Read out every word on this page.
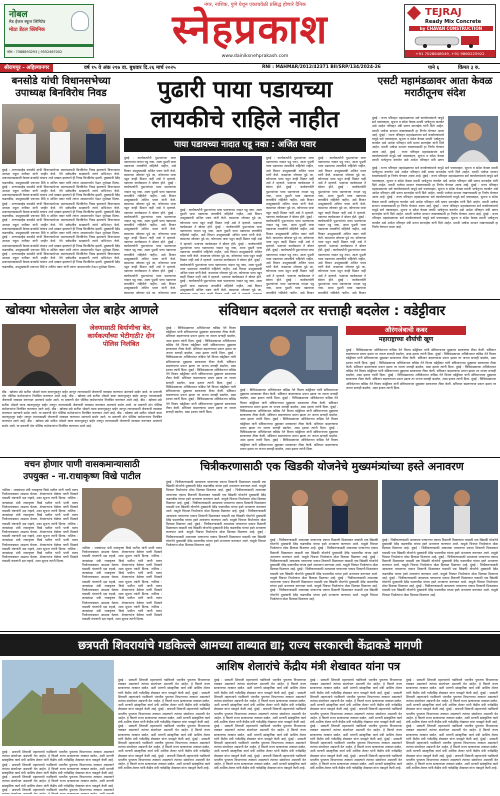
नोबल
मेड ईजल स्कूल लिमिटेड
मोठा डेंटल क्लिनिक
फोन : 7588893293 | 9552467002
नगर, नाशिक, पुणे येथून एकाचवेळी प्रसिद्ध होणारे दैनिक
स्नेहप्रकाश
www.dainiksnehprakash.com
TEJRAJ
Ready Mix Concrete
by CHAVAN CONSTRUCTION
+91 7028648049, +91 9860225922
श्रीरामपूर - अहिल्यानगर	वर्ष १५ वे अंक २१७ वा. बुधवार दि.२६ मार्च २०२५	RNI : MAHMAR/2012/42371 BII/SRP/134/2024-26	पाने ६	किंमत ३ रु.
बनसोडे यांची विधानसभेच्या उपाध्यक्ष बिनविरोध निवड
मुंबई : अण्णासाहेब बनसोडे यांची विधानसभेच्या उपाध्यक्षपदी बिनविरोध निवड झाल्याचे विधानसभा अध्यक्ष राहुल नार्वेकर यांनी जाहीर केले. नेते सर्वपक्षीय सदस्यांनी त्यांचे अभिनंदन केले. उपाध्यक्षपदासाठी केवळ बनसोडे यांचाच अर्ज दाखल झाल्याने ही निवड बिनविरोध झाली. मुख्यमंत्री देवेंद्र फडणवीस, उपमुख्यमंत्री एकनाथ शिंदे व अजित पवार यांनी त्यांना आसनापर्यंत नेऊन शुभेच्छा दिल्या. मुंबई : अण्णासाहेब बनसोडे यांची विधानसभेच्या उपाध्यक्षपदी बिनविरोध निवड झाल्याचे विधानसभा अध्यक्ष राहुल नार्वेकर यांनी जाहीर केले. नेते सर्वपक्षीय सदस्यांनी त्यांचे अभिनंदन केले. उपाध्यक्षपदासाठी केवळ बनसोडे यांचाच अर्ज दाखल झाल्याने ही निवड बिनविरोध झाली. मुख्यमंत्री देवेंद्र फडणवीस, उपमुख्यमंत्री एकनाथ शिंदे व अजित पवार यांनी त्यांना आसनापर्यंत नेऊन शुभेच्छा दिल्या. मुंबई : अण्णासाहेब बनसोडे यांची विधानसभेच्या उपाध्यक्षपदी बिनविरोध निवड झाल्याचे विधानसभा अध्यक्ष राहुल नार्वेकर यांनी जाहीर केले. नेते सर्वपक्षीय सदस्यांनी त्यांचे अभिनंदन केले. उपाध्यक्षपदासाठी केवळ बनसोडे यांचाच अर्ज दाखल झाल्याने ही निवड बिनविरोध झाली. मुख्यमंत्री देवेंद्र फडणवीस, उपमुख्यमंत्री एकनाथ शिंदे व अजित पवार यांनी त्यांना आसनापर्यंत नेऊन शुभेच्छा दिल्या. मुंबई : अण्णासाहेब बनसोडे यांची विधानसभेच्या उपाध्यक्षपदी बिनविरोध निवड झाल्याचे विधानसभा अध्यक्ष राहुल नार्वेकर यांनी जाहीर केले. नेते सर्वपक्षीय सदस्यांनी त्यांचे अभिनंदन केले. उपाध्यक्षपदासाठी केवळ बनसोडे यांचाच अर्ज दाखल झाल्याने ही निवड बिनविरोध झाली. मुख्यमंत्री देवेंद्र फडणवीस, उपमुख्यमंत्री एकनाथ शिंदे व अजित पवार यांनी त्यांना आसनापर्यंत नेऊन शुभेच्छा दिल्या. मुंबई : अण्णासाहेब बनसोडे यांची विधानसभेच्या उपाध्यक्षपदी बिनविरोध निवड झाल्याचे विधानसभा अध्यक्ष राहुल नार्वेकर यांनी जाहीर केले. नेते सर्वपक्षीय सदस्यांनी त्यांचे अभिनंदन केले. उपाध्यक्षपदासाठी केवळ बनसोडे यांचाच अर्ज दाखल झाल्याने ही निवड बिनविरोध झाली. मुख्यमंत्री देवेंद्र फडणवीस, उपमुख्यमंत्री एकनाथ शिंदे व अजित पवार यांनी त्यांना आसनापर्यंत नेऊन शुभेच्छा दिल्या. मुंबई : अण्णासाहेब बनसोडे यांची विधानसभेच्या उपाध्यक्षपदी बिनविरोध निवड झाल्याचे विधानसभा अध्यक्ष राहुल नार्वेकर यांनी जाहीर केले. नेते सर्वपक्षीय सदस्यांनी त्यांचे अभिनंदन केले. उपाध्यक्षपदासाठी केवळ बनसोडे यांचाच अर्ज दाखल झाल्याने ही निवड बिनविरोध झाली. मुख्यमंत्री देवेंद्र फडणवीस, उपमुख्यमंत्री एकनाथ शिंदे व अजित पवार यांनी त्यांना आसनापर्यंत नेऊन शुभेच्छा दिल्या.
पुढारी पाया पडायच्या
लायकीचे राहिले नाहीत
पाया पडायच्या नादात पडू नका : अजित पवार
मुंबई : कार्यकर्त्यांनी पुढाऱ्यांच्या पाया पडण्याच्या नादात पडू नका, आता पुढारी पाया पडायच्या लायकीचे राहिलेले नाहीत, असे विधान उपमुख्यमंत्री अजित पवार यांनी केले. कामाच्या जोरावर पुढे जा, कोणाच्या पाया पडून काही मिळत नाही असे ते म्हणाले. पक्षाच्या कार्यक्रमात ते बोलत होते. मुंबई : कार्यकर्त्यांनी पुढाऱ्यांच्या पाया पडण्याच्या नादात पडू नका, आता पुढारी पाया पडायच्या लायकीचे राहिलेले नाहीत, असे विधान उपमुख्यमंत्री अजित पवार यांनी केले. कामाच्या जोरावर पुढे जा, कोणाच्या पाया पडून काही मिळत नाही असे ते म्हणाले. पक्षाच्या कार्यक्रमात ते बोलत होते. मुंबई : कार्यकर्त्यांनी पुढाऱ्यांच्या पाया पडण्याच्या नादात पडू नका, आता पुढारी पाया पडायच्या लायकीचे राहिलेले नाहीत, असे विधान उपमुख्यमंत्री अजित पवार यांनी केले. कामाच्या जोरावर पुढे जा, कोणाच्या पाया पडून काही मिळत नाही असे ते म्हणाले. पक्षाच्या कार्यक्रमात ते बोलत होते. मुंबई : कार्यकर्त्यांनी पुढाऱ्यांच्या पाया पडण्याच्या नादात पडू नका, आता पुढारी पाया पडायच्या लायकीचे राहिलेले नाहीत, असे विधान उपमुख्यमंत्री अजित पवार यांनी केले. कामाच्या जोरावर पुढे जा, कोणाच्या पाया पडून काही मिळत नाही असे ते म्हणाले. पक्षाच्या कार्यक्रमात ते बोलत होते. मुंबई : कार्यकर्त्यांनी पुढाऱ्यांच्या पाया पडण्याच्या नादात पडू नका, आता पुढारी पाया पडायच्या लायकीचे राहिलेले नाहीत, असे विधान उपमुख्यमंत्री अजित पवार यांनी केले. कामाच्या जोरावर पुढे जा, कोणाच्या पाया
मुंबई : कार्यकर्त्यांनी पुढाऱ्यांच्या पाया पडण्याच्या नादात पडू नका, आता पुढारी पाया पडायच्या लायकीचे राहिलेले नाहीत, असे विधान उपमुख्यमंत्री अजित पवार यांनी केले. कामाच्या जोरावर पुढे जा, कोणाच्या पाया पडून काही मिळत नाही असे ते म्हणाले. पक्षाच्या कार्यक्रमात ते बोलत होते. मुंबई : कार्यकर्त्यांनी पुढाऱ्यांच्या पाया पडण्याच्या नादात पडू नका, आता पुढारी पाया पडायच्या लायकीचे राहिलेले नाहीत, असे विधान उपमुख्यमंत्री अजित पवार यांनी केले. कामाच्या जोरावर पुढे जा, कोणाच्या पाया पडून काही मिळत नाही असे ते म्हणाले. पक्षाच्या कार्यक्रमात ते बोलत होते. मुंबई : कार्यकर्त्यांनी पुढाऱ्यांच्या पाया पडण्याच्या नादात पडू नका, आता पुढारी पाया पडायच्या लायकीचे राहिलेले नाहीत, असे विधान उपमुख्यमंत्री अजित पवार यांनी केले. कामाच्या जोरावर पुढे जा, कोणाच्या पाया पडून काही मिळत नाही असे ते म्हणाले. पक्षाच्या कार्यक्रमात ते बोलत होते. मुंबई : कार्यकर्त्यांनी पुढाऱ्यांच्या पाया पडण्याच्या नादात पडू नका, आता पुढारी पाया पडायच्या लायकीचे राहिलेले नाहीत, असे विधान उपमुख्यमंत्री अजित पवार यांनी केले. कामाच्या जोरावर पुढे जा, कोणाच्या पाया पडून काही मिळत नाही असे ते म्हणाले. पक्षाच्या कार्यक्रमात ते बोलत होते. मुंबई : कार्यकर्त्यांनी पुढाऱ्यांच्या पाया पडण्याच्या नादात पडू नका, आता पुढारी पाया पडायच्या लायकीचे राहिलेले नाहीत, असे विधान उपमुख्यमंत्री अजित पवार यांनी केले. कामाच्या जोरावर पुढे जा,
मुंबई : कार्यकर्त्यांनी पुढाऱ्यांच्या पाया पडण्याच्या नादात पडू नका, आता पुढारी पाया पडायच्या लायकीचे राहिलेले नाहीत, असे विधान उपमुख्यमंत्री अजित पवार यांनी केले. कामाच्या जोरावर पुढे जा, कोणाच्या पाया पडून काही मिळत नाही असे ते म्हणाले. पक्षाच्या कार्यक्रमात ते बोलत होते. मुंबई : कार्यकर्त्यांनी पुढाऱ्यांच्या पाया पडण्याच्या नादात पडू नका, आता पुढारी पाया पडायच्या लायकीचे राहिलेले नाहीत, असे विधान उपमुख्यमंत्री अजित पवार यांनी केले. कामाच्या जोरावर पुढे जा, कोणाच्या पाया पडून काही मिळत नाही असे ते म्हणाले. पक्षाच्या कार्यक्रमात ते बोलत होते. मुंबई : कार्यकर्त्यांनी पुढाऱ्यांच्या पाया पडण्याच्या नादात पडू नका, आता पुढारी पाया पडायच्या लायकीचे राहिलेले नाहीत, असे विधान उपमुख्यमंत्री अजित पवार यांनी केले. कामाच्या जोरावर पुढे जा, कोणाच्या पाया पडून काही मिळत नाही असे ते म्हणाले. पक्षाच्या कार्यक्रमात ते बोलत होते. मुंबई : कार्यकर्त्यांनी पुढाऱ्यांच्या पाया पडण्याच्या नादात पडू नका, आता पुढारी पाया पडायच्या लायकीचे राहिलेले नाहीत, असे विधान उपमुख्यमंत्री अजित पवार यांनी केले. कामाच्या जोरावर पुढे जा, कोणाच्या पाया पडून काही मिळत नाही असे ते म्हणाले. पक्षाच्या कार्यक्रमात ते बोलत होते. मुंबई : कार्यकर्त्यांनी पुढाऱ्यांच्या पाया पडण्याच्या नादात पडू नका, आता पुढारी पाया पडायच्या लायकीचे राहिलेले नाहीत, असे विधान
मुंबई : कार्यकर्त्यांनी पुढाऱ्यांच्या पाया पडण्याच्या नादात पडू नका, आता पुढारी पाया पडायच्या लायकीचे राहिलेले नाहीत, असे विधान उपमुख्यमंत्री अजित पवार यांनी केले. कामाच्या जोरावर पुढे जा, कोणाच्या पाया पडून काही मिळत नाही असे ते म्हणाले. पक्षाच्या कार्यक्रमात ते बोलत होते. मुंबई : कार्यकर्त्यांनी पुढाऱ्यांच्या पाया पडण्याच्या नादात पडू नका, आता पुढारी पाया पडायच्या लायकीचे राहिलेले नाहीत, असे विधान उपमुख्यमंत्री अजित पवार यांनी केले. कामाच्या जोरावर पुढे जा, कोणाच्या पाया पडून काही मिळत नाही असे ते म्हणाले. पक्षाच्या कार्यक्रमात ते बोलत होते. मुंबई : कार्यकर्त्यांनी पुढाऱ्यांच्या पाया पडण्याच्या नादात पडू नका, आता पुढारी पाया पडायच्या लायकीचे राहिलेले नाहीत, असे विधान उपमुख्यमंत्री अजित पवार यांनी केले. कामाच्या जोरावर पुढे जा, कोणाच्या पाया पडून काही मिळत नाही असे ते म्हणाले. पक्षाच्या कार्यक्रमात ते बोलत होते. मुंबई : कार्यकर्त्यांनी पुढाऱ्यांच्या पाया पडण्याच्या नादात पडू नका, आता पुढारी पाया पडायच्या लायकीचे राहिलेले नाहीत, असे विधान उपमुख्यमंत्री अजित पवार यांनी केले. कामाच्या जोरावर पुढे जा, कोणाच्या पाया पडून काही मिळत नाही असे ते म्हणाले. पक्षाच्या कार्यक्रमात ते बोलत होते. मुंबई : कार्यकर्त्यांनी पुढाऱ्यांच्या पाया पडण्याच्या नादात पडू नका, आता पुढारी पाया पडायच्या लायकीचे राहिलेले नाहीत, असे विधान
एसटी महामंडळावर आता केवळ मराठीतूनच संदेश
मुंबई : राज्य परिवहन महामंडळाच्या सर्व कार्यालयांमध्ये यापुढे सर्व पत्रव्यवहार, सूचना व संदेश केवळ मराठी भाषेतूनच करावेत असे आदेश परिवहन मंत्री प्रताप सरनाईक यांनी दिले आहेत. मराठी भाषेचा सन्मान राखण्यासाठी हा निर्णय घेण्यात आला आहे. मुंबई : राज्य परिवहन महामंडळाच्या सर्व कार्यालयांमध्ये यापुढे सर्व पत्रव्यवहार, सूचना व संदेश केवळ मराठी भाषेतूनच करावेत असे आदेश परिवहन मंत्री प्रताप सरनाईक यांनी दिले आहेत. मराठी भाषेचा सन्मान राखण्यासाठी हा निर्णय घेण्यात आला आहे. मुंबई : राज्य परिवहन महामंडळाच्या सर्व कार्यालयांमध्ये यापुढे सर्व पत्रव्यवहार, सूचना व संदेश केवळ मराठी भाषेतूनच करावेत असे आदेश परिवहन मंत्री प्रताप
मुंबई : राज्य परिवहन महामंडळाच्या सर्व कार्यालयांमध्ये यापुढे सर्व पत्रव्यवहार, सूचना व संदेश केवळ मराठी भाषेतूनच करावेत असे आदेश परिवहन मंत्री प्रताप सरनाईक यांनी दिले आहेत. मराठी भाषेचा सन्मान राखण्यासाठी हा निर्णय घेण्यात आला आहे. मुंबई : राज्य परिवहन महामंडळाच्या सर्व कार्यालयांमध्ये यापुढे सर्व पत्रव्यवहार, सूचना व संदेश केवळ मराठी भाषेतूनच करावेत असे आदेश परिवहन मंत्री प्रताप सरनाईक यांनी दिले आहेत. मराठी भाषेचा सन्मान राखण्यासाठी हा निर्णय घेण्यात आला आहे. मुंबई : राज्य परिवहन महामंडळाच्या सर्व कार्यालयांमध्ये यापुढे सर्व पत्रव्यवहार, सूचना व संदेश केवळ मराठी भाषेतूनच करावेत असे आदेश परिवहन मंत्री प्रताप सरनाईक यांनी दिले आहेत. मराठी भाषेचा सन्मान राखण्यासाठी हा निर्णय घेण्यात आला आहे. मुंबई : राज्य परिवहन महामंडळाच्या सर्व कार्यालयांमध्ये यापुढे सर्व पत्रव्यवहार, सूचना व संदेश केवळ मराठी भाषेतूनच करावेत असे आदेश परिवहन मंत्री प्रताप सरनाईक यांनी दिले आहेत. मराठी भाषेचा सन्मान राखण्यासाठी हा निर्णय घेण्यात आला आहे. मुंबई : राज्य परिवहन महामंडळाच्या सर्व कार्यालयांमध्ये यापुढे सर्व पत्रव्यवहार, सूचना व संदेश केवळ मराठी भाषेतूनच करावेत असे आदेश परिवहन मंत्री प्रताप सरनाईक यांनी दिले आहेत. मराठी भाषेचा सन्मान राखण्यासाठी हा निर्णय घेण्यात आला आहे. मुंबई : राज्य परिवहन महामंडळाच्या सर्व कार्यालयांमध्ये यापुढे सर्व पत्रव्यवहार, सूचना व संदेश केवळ मराठी भाषेतूनच करावेत असे आदेश परिवहन मंत्री प्रताप सरनाईक यांनी दिले आहेत. मराठी भाषेचा सन्मान राखण्यासाठी हा निर्णय घेण्यात आला आहे.
खोक्या भोसलेला जेल बाहेर आणले
जेवणासाठी बिर्याणीचा बेत, कार्यकर्त्यांच्या भेटीगाठी? दोन पोलिस निलंबित
बीड : खोक्या उर्फ सतीश भोसले याला कारागृहातून बाहेर आणून त्याच्यासाठी जेवणाची व्यवस्था करण्यात आल्याचे समोर आले. या प्रकरणी दोन पोलिस कर्मचाऱ्यांना निलंबित करण्यात आले आहे. बीड : खोक्या उर्फ सतीश भोसले याला कारागृहातून बाहेर आणून त्याच्यासाठी जेवणाची व्यवस्था करण्यात आल्याचे समोर आले. या प्रकरणी दोन पोलिस कर्मचाऱ्यांना निलंबित करण्यात आले आहे. बीड : खोक्या उर्फ सतीश भोसले याला कारागृहातून बाहेर आणून त्याच्यासाठी जेवणाची व्यवस्था करण्यात आल्याचे समोर आले. या प्रकरणी दोन पोलिस कर्मचाऱ्यांना निलंबित करण्यात आले आहे. बीड : खोक्या उर्फ सतीश भोसले याला कारागृहातून बाहेर आणून त्याच्यासाठी जेवणाची व्यवस्था करण्यात आल्याचे समोर आले. या प्रकरणी दोन पोलिस कर्मचाऱ्यांना निलंबित करण्यात आले आहे. बीड : खोक्या उर्फ सतीश भोसले याला कारागृहातून बाहेर आणून त्याच्यासाठी जेवणाची व्यवस्था करण्यात आल्याचे समोर आले. या प्रकरणी दोन पोलिस कर्मचाऱ्यांना निलंबित करण्यात आले आहे. बीड : खोक्या उर्फ सतीश भोसले याला कारागृहातून बाहेर आणून त्याच्यासाठी जेवणाची व्यवस्था करण्यात आल्याचे समोर आले. या प्रकरणी दोन पोलिस कर्मचाऱ्यांना निलंबित करण्यात आले आहे.
संविधान बदलले तर सत्ताही बदलेल : वडेट्टीवार
मुंबई : विधिमंडळाच्या अधिवेशनात काँग्रेस नेते विजय वडेट्टीवार यांनी संविधानाच्या मुद्द्यावर सरकारवर टीका केली. संविधान बदलण्याचा प्रयत्न झाला तर जनता सत्ताही बदलेल, असा इशारा त्यांनी दिला. मुंबई : विधिमंडळाच्या अधिवेशनात काँग्रेस नेते विजय वडेट्टीवार यांनी संविधानाच्या मुद्द्यावर सरकारवर टीका केली. संविधान बदलण्याचा प्रयत्न झाला तर जनता सत्ताही बदलेल, असा इशारा त्यांनी दिला. मुंबई : विधिमंडळाच्या अधिवेशनात काँग्रेस नेते विजय वडेट्टीवार यांनी संविधानाच्या मुद्द्यावर सरकारवर टीका केली. संविधान बदलण्याचा प्रयत्न झाला तर जनता सत्ताही बदलेल, असा इशारा त्यांनी दिला. मुंबई : विधिमंडळाच्या अधिवेशनात काँग्रेस नेते विजय वडेट्टीवार यांनी संविधानाच्या मुद्द्यावर सरकारवर टीका केली. संविधान बदलण्याचा प्रयत्न झाला तर जनता सत्ताही बदलेल, असा इशारा त्यांनी दिला. मुंबई : विधिमंडळाच्या अधिवेशनात काँग्रेस नेते विजय वडेट्टीवार यांनी संविधानाच्या मुद्द्यावर सरकारवर टीका केली. संविधान बदलण्याचा प्रयत्न झाला तर जनता सत्ताही बदलेल, असा इशारा त्यांनी दिला. मुंबई : विधिमंडळाच्या अधिवेशनात काँग्रेस नेते विजय वडेट्टीवार यांनी संविधानाच्या मुद्द्यावर सरकारवर टीका केली. संविधान बदलण्याचा प्रयत्न झाला तर जनता सत्ताही बदलेल, असा इशारा त्यांनी दिला.
मुंबई : विधिमंडळाच्या अधिवेशनात काँग्रेस नेते विजय वडेट्टीवार यांनी संविधानाच्या मुद्द्यावर सरकारवर टीका केली. संविधान बदलण्याचा प्रयत्न झाला तर जनता सत्ताही बदलेल, असा इशारा त्यांनी दिला. मुंबई : विधिमंडळाच्या अधिवेशनात काँग्रेस नेते विजय वडेट्टीवार यांनी संविधानाच्या मुद्द्यावर सरकारवर टीका केली. संविधान बदलण्याचा प्रयत्न झाला तर जनता सत्ताही बदलेल, असा इशारा त्यांनी दिला. मुंबई : विधिमंडळाच्या अधिवेशनात काँग्रेस नेते विजय वडेट्टीवार यांनी संविधानाच्या मुद्द्यावर सरकारवर टीका केली. संविधान बदलण्याचा प्रयत्न झाला तर जनता सत्ताही बदलेल, असा इशारा त्यांनी दिला. मुंबई : विधिमंडळाच्या अधिवेशनात काँग्रेस नेते विजय वडेट्टीवार यांनी संविधानाच्या मुद्द्यावर सरकारवर टीका केली. संविधान बदलण्याचा प्रयत्न झाला तर जनता सत्ताही बदलेल, असा इशारा त्यांनी दिला. मुंबई : विधिमंडळाच्या अधिवेशनात काँग्रेस नेते विजय वडेट्टीवार यांनी संविधानाच्या मुद्द्यावर सरकारवर टीका केली. संविधान बदलण्याचा प्रयत्न झाला तर जनता सत्ताही बदलेल, असा इशारा त्यांनी दिला. मुंबई : विधिमंडळाच्या अधिवेशनात काँग्रेस नेते विजय वडेट्टीवार यांनी संविधानाच्या मुद्द्यावर सरकारवर टीका केली. संविधान बदलण्याचा प्रयत्न झाला तर जनता सत्ताही बदलेल, असा इशारा त्यांनी दिला.
औरंगजेबाची कबर
महाराष्ट्राच्या शौर्याची खूण
मुंबई : विधिमंडळाच्या अधिवेशनात काँग्रेस नेते विजय वडेट्टीवार यांनी संविधानाच्या मुद्द्यावर सरकारवर टीका केली. संविधान बदलण्याचा प्रयत्न झाला तर जनता सत्ताही बदलेल, असा इशारा त्यांनी दिला. मुंबई : विधिमंडळाच्या अधिवेशनात काँग्रेस नेते विजय वडेट्टीवार यांनी संविधानाच्या मुद्द्यावर सरकारवर टीका केली. संविधान बदलण्याचा प्रयत्न झाला तर जनता सत्ताही बदलेल, असा इशारा त्यांनी दिला. मुंबई : विधिमंडळाच्या अधिवेशनात काँग्रेस नेते विजय वडेट्टीवार यांनी संविधानाच्या मुद्द्यावर सरकारवर टीका केली. संविधान बदलण्याचा प्रयत्न झाला तर जनता सत्ताही बदलेल, असा इशारा त्यांनी दिला. मुंबई : विधिमंडळाच्या अधिवेशनात काँग्रेस नेते विजय वडेट्टीवार यांनी संविधानाच्या मुद्द्यावर सरकारवर टीका केली. संविधान बदलण्याचा प्रयत्न झाला तर जनता सत्ताही बदलेल, असा इशारा त्यांनी दिला. मुंबई : विधिमंडळाच्या अधिवेशनात काँग्रेस नेते विजय वडेट्टीवार यांनी संविधानाच्या मुद्द्यावर सरकारवर टीका केली. संविधान बदलण्याचा प्रयत्न झाला तर जनता सत्ताही बदलेल, असा इशारा त्यांनी दिला. मुंबई : विधिमंडळाच्या अधिवेशनात काँग्रेस नेते विजय वडेट्टीवार यांनी संविधानाच्या मुद्द्यावर सरकारवर टीका केली. संविधान बदलण्याचा प्रयत्न झाला तर जनता सत्ताही बदलेल, असा इशारा त्यांनी दिला.
वचन होणार पाणी वासकमान्यासाठी
उपयुक्त - ना.राधाकृष्ण विखे पाटील
नाशिक : जलसंपदा मंत्री राधाकृष्ण विखे पाटील यांनी पाणी वाटप नियोजनाबाबत आढावा घेतला. शेतकऱ्यांना वेळेवर पाणी मिळावे यासाठी यंत्रणांनी दक्ष राहावे, अशा सूचना त्यांनी दिल्या. नाशिक : जलसंपदा मंत्री राधाकृष्ण विखे पाटील यांनी पाणी वाटप नियोजनाबाबत आढावा घेतला. शेतकऱ्यांना वेळेवर पाणी मिळावे यासाठी यंत्रणांनी दक्ष राहावे, अशा सूचना त्यांनी दिल्या. नाशिक : जलसंपदा मंत्री राधाकृष्ण विखे पाटील यांनी पाणी वाटप नियोजनाबाबत आढावा घेतला. शेतकऱ्यांना वेळेवर पाणी मिळावे यासाठी यंत्रणांनी दक्ष राहावे, अशा सूचना त्यांनी दिल्या. नाशिक : जलसंपदा मंत्री राधाकृष्ण विखे पाटील यांनी पाणी वाटप नियोजनाबाबत आढावा घेतला. शेतकऱ्यांना वेळेवर पाणी मिळावे यासाठी यंत्रणांनी दक्ष राहावे, अशा सूचना त्यांनी दिल्या. नाशिक : जलसंपदा मंत्री राधाकृष्ण विखे पाटील यांनी पाणी वाटप नियोजनाबाबत आढावा घेतला. शेतकऱ्यांना वेळेवर पाणी मिळावे यासाठी यंत्रणांनी दक्ष राहावे, अशा सूचना त्यांनी दिल्या. नाशिक : जलसंपदा मंत्री राधाकृष्ण विखे पाटील यांनी पाणी वाटप नियोजनाबाबत आढावा घेतला. शेतकऱ्यांना वेळेवर पाणी मिळावे यासाठी यंत्रणांनी दक्ष राहावे, अशा सूचना त्यांनी दिल्या.
नाशिक : जलसंपदा मंत्री राधाकृष्ण विखे पाटील यांनी पाणी वाटप नियोजनाबाबत आढावा घेतला. शेतकऱ्यांना वेळेवर पाणी मिळावे यासाठी यंत्रणांनी दक्ष राहावे, अशा सूचना त्यांनी दिल्या. नाशिक : जलसंपदा मंत्री राधाकृष्ण विखे पाटील यांनी पाणी वाटप नियोजनाबाबत आढावा घेतला. शेतकऱ्यांना वेळेवर पाणी मिळावे यासाठी यंत्रणांनी दक्ष राहावे, अशा सूचना त्यांनी दिल्या. नाशिक : जलसंपदा मंत्री राधाकृष्ण विखे पाटील यांनी पाणी वाटप नियोजनाबाबत आढावा घेतला. शेतकऱ्यांना वेळेवर पाणी मिळावे यासाठी यंत्रणांनी दक्ष राहावे, अशा सूचना त्यांनी दिल्या. नाशिक : जलसंपदा मंत्री राधाकृष्ण विखे पाटील यांनी पाणी वाटप नियोजनाबाबत आढावा घेतला. शेतकऱ्यांना वेळेवर पाणी मिळावे यासाठी यंत्रणांनी दक्ष राहावे, अशा सूचना त्यांनी दिल्या. नाशिक : जलसंपदा मंत्री राधाकृष्ण विखे पाटील यांनी पाणी वाटप नियोजनाबाबत आढावा घेतला. शेतकऱ्यांना वेळेवर पाणी मिळावे यासाठी यंत्रणांनी दक्ष राहावे, अशा सूचना त्यांनी दिल्या. नाशिक : जलसंपदा मंत्री राधाकृष्ण विखे पाटील यांनी पाणी वाटप नियोजनाबाबत आढावा घेतला. शेतकऱ्यांना वेळेवर पाणी मिळावे यासाठी यंत्रणांनी दक्ष राहावे, अशा सूचना त्यांनी दिल्या.
चित्रीकरणासाठी एक खिडकी योजनेचे मुख्यमंत्र्यांच्या हस्ते अनावरण
मुंबई : चित्रीकरणासाठी आवश्यक परवानग्या एकाच ठिकाणी मिळाव्यात यासाठी एक खिडकी योजनेचे मुख्यमंत्री देवेंद्र फडणवीस यांच्या हस्ते अनावरण करण्यात आले. यामुळे चित्रपट निर्मात्यांना मोठा दिलासा मिळणार आहे. मुंबई : चित्रीकरणासाठी आवश्यक परवानग्या एकाच ठिकाणी मिळाव्यात यासाठी एक खिडकी योजनेचे मुख्यमंत्री देवेंद्र फडणवीस यांच्या हस्ते अनावरण करण्यात आले. यामुळे चित्रपट निर्मात्यांना मोठा दिलासा मिळणार आहे. मुंबई : चित्रीकरणासाठी आवश्यक परवानग्या एकाच ठिकाणी मिळाव्यात यासाठी एक खिडकी योजनेचे मुख्यमंत्री देवेंद्र फडणवीस यांच्या हस्ते अनावरण करण्यात आले. यामुळे चित्रपट निर्मात्यांना मोठा दिलासा मिळणार आहे. मुंबई : चित्रीकरणासाठी आवश्यक परवानग्या एकाच ठिकाणी मिळाव्यात यासाठी एक खिडकी योजनेचे मुख्यमंत्री देवेंद्र फडणवीस यांच्या हस्ते अनावरण करण्यात आले. यामुळे चित्रपट निर्मात्यांना मोठा दिलासा मिळणार आहे. मुंबई : चित्रीकरणासाठी आवश्यक परवानग्या एकाच ठिकाणी मिळाव्यात यासाठी एक खिडकी योजनेचे मुख्यमंत्री देवेंद्र फडणवीस यांच्या हस्ते अनावरण करण्यात आले. यामुळे चित्रपट निर्मात्यांना मोठा दिलासा मिळणार आहे. मुंबई : चित्रीकरणासाठी आवश्यक परवानग्या एकाच ठिकाणी मिळाव्यात यासाठी एक खिडकी योजनेचे मुख्यमंत्री देवेंद्र फडणवीस यांच्या हस्ते अनावरण करण्यात आले. यामुळे चित्रपट निर्मात्यांना मोठा दिलासा मिळणार आहे.
मुंबई : चित्रीकरणासाठी आवश्यक परवानग्या एकाच ठिकाणी मिळाव्यात यासाठी एक खिडकी योजनेचे मुख्यमंत्री देवेंद्र फडणवीस यांच्या हस्ते अनावरण करण्यात आले. यामुळे चित्रपट निर्मात्यांना मोठा दिलासा मिळणार आहे. मुंबई : चित्रीकरणासाठी आवश्यक परवानग्या एकाच ठिकाणी मिळाव्यात यासाठी एक खिडकी योजनेचे मुख्यमंत्री देवेंद्र फडणवीस यांच्या हस्ते अनावरण करण्यात आले. यामुळे चित्रपट निर्मात्यांना मोठा दिलासा मिळणार आहे. मुंबई : चित्रीकरणासाठी आवश्यक परवानग्या एकाच ठिकाणी मिळाव्यात यासाठी एक खिडकी योजनेचे मुख्यमंत्री देवेंद्र फडणवीस यांच्या हस्ते अनावरण करण्यात आले. यामुळे चित्रपट निर्मात्यांना मोठा दिलासा मिळणार आहे. मुंबई : चित्रीकरणासाठी आवश्यक परवानग्या एकाच ठिकाणी मिळाव्यात यासाठी एक खिडकी योजनेचे मुख्यमंत्री देवेंद्र फडणवीस यांच्या हस्ते अनावरण करण्यात आले. यामुळे चित्रपट निर्मात्यांना मोठा दिलासा मिळणार आहे. मुंबई : चित्रीकरणासाठी आवश्यक परवानग्या एकाच ठिकाणी मिळाव्यात यासाठी एक खिडकी योजनेचे मुख्यमंत्री देवेंद्र फडणवीस यांच्या हस्ते अनावरण करण्यात आले. यामुळे चित्रपट निर्मात्यांना मोठा दिलासा मिळणार आहे. मुंबई : चित्रीकरणासाठी आवश्यक परवानग्या एकाच ठिकाणी मिळाव्यात यासाठी एक खिडकी योजनेचे मुख्यमंत्री देवेंद्र फडणवीस यांच्या हस्ते अनावरण करण्यात आले. यामुळे चित्रपट निर्मात्यांना मोठा दिलासा मिळणार आहे.
मुंबई : चित्रीकरणासाठी आवश्यक परवानग्या एकाच ठिकाणी मिळाव्यात यासाठी एक खिडकी योजनेचे मुख्यमंत्री देवेंद्र फडणवीस यांच्या हस्ते अनावरण करण्यात आले. यामुळे चित्रपट निर्मात्यांना मोठा दिलासा मिळणार आहे. मुंबई : चित्रीकरणासाठी आवश्यक परवानग्या एकाच ठिकाणी मिळाव्यात यासाठी एक खिडकी योजनेचे मुख्यमंत्री देवेंद्र फडणवीस यांच्या हस्ते अनावरण करण्यात आले. यामुळे चित्रपट निर्मात्यांना मोठा दिलासा मिळणार आहे. मुंबई : चित्रीकरणासाठी आवश्यक परवानग्या एकाच ठिकाणी मिळाव्यात यासाठी एक खिडकी योजनेचे मुख्यमंत्री देवेंद्र फडणवीस यांच्या हस्ते अनावरण करण्यात आले. यामुळे चित्रपट निर्मात्यांना मोठा दिलासा मिळणार आहे. मुंबई : चित्रीकरणासाठी आवश्यक परवानग्या एकाच ठिकाणी मिळाव्यात यासाठी एक खिडकी योजनेचे मुख्यमंत्री देवेंद्र फडणवीस यांच्या हस्ते अनावरण करण्यात आले. यामुळे चित्रपट निर्मात्यांना मोठा दिलासा मिळणार आहे. मुंबई : चित्रीकरणासाठी आवश्यक परवानग्या एकाच ठिकाणी मिळाव्यात यासाठी एक खिडकी योजनेचे मुख्यमंत्री देवेंद्र फडणवीस यांच्या हस्ते अनावरण करण्यात आले. यामुळे चित्रपट निर्मात्यांना मोठा दिलासा मिळणार आहे. मुंबई : चित्रीकरणासाठी आवश्यक परवानग्या एकाच ठिकाणी मिळाव्यात यासाठी एक खिडकी योजनेचे मुख्यमंत्री देवेंद्र फडणवीस यांच्या हस्ते अनावरण करण्यात आले. यामुळे चित्रपट निर्मात्यांना मोठा दिलासा मिळणार आहे.
छत्रपती शिवरायांचे गडकिल्ले आमच्या ताब्यात द्या; राज्य सरकारची केंद्राकडे मागणी
आशिष शेलारांचे केंद्रीय मंत्री शेखावत यांना पत्र
मुंबई : छत्रपती शिवाजी महाराजांचे गडकिल्ले भारतीय पुरातत्व विभागाच्या ताब्यात असल्याने त्यांच्या संवर्धनात अडचणी येत आहेत. हे किल्ले राज्य सरकारच्या ताब्यात द्यावेत, अशी मागणी सांस्कृतिक कार्य मंत्री आशिष शेलार यांनी केंद्रीय मंत्री गजेंद्रसिंह शेखावत यांना पत्राद्वारे केली आहे. मुंबई : छत्रपती शिवाजी महाराजांचे गडकिल्ले भारतीय पुरातत्व विभागाच्या ताब्यात असल्याने त्यांच्या संवर्धनात अडचणी येत आहेत. हे किल्ले राज्य सरकारच्या ताब्यात द्यावेत, अशी मागणी सांस्कृतिक कार्य मंत्री आशिष शेलार यांनी केंद्रीय मंत्री गजेंद्रसिंह शेखावत यांना पत्राद्वारे केली आहे. मुंबई : छत्रपती शिवाजी महाराजांचे गडकिल्ले भारतीय पुरातत्व विभागाच्या ताब्यात असल्याने त्यांच्या संवर्धनात अडचणी येत आहेत. हे किल्ले राज्य सरकारच्या ताब्यात द्यावेत, अशी मागणी सांस्कृतिक कार्य मंत्री आशिष शेलार यांनी केंद्रीय मंत्री गजेंद्रसिंह शेखावत यांना पत्राद्वारे केली आहे. मुंबई : छत्रपती शिवाजी महाराजांचे गडकिल्ले भारतीय पुरातत्व विभागाच्या ताब्यात असल्याने
मुंबई : छत्रपती शिवाजी महाराजांचे गडकिल्ले भारतीय पुरातत्व विभागाच्या ताब्यात असल्याने त्यांच्या संवर्धनात अडचणी येत आहेत. हे किल्ले राज्य सरकारच्या ताब्यात द्यावेत, अशी मागणी सांस्कृतिक कार्य मंत्री आशिष शेलार यांनी केंद्रीय मंत्री गजेंद्रसिंह शेखावत यांना पत्राद्वारे केली आहे. मुंबई : छत्रपती शिवाजी महाराजांचे गडकिल्ले भारतीय पुरातत्व विभागाच्या ताब्यात असल्याने त्यांच्या संवर्धनात अडचणी येत आहेत. हे किल्ले राज्य सरकारच्या ताब्यात द्यावेत, अशी मागणी सांस्कृतिक कार्य मंत्री आशिष शेलार यांनी केंद्रीय मंत्री गजेंद्रसिंह शेखावत यांना पत्राद्वारे केली आहे. मुंबई : छत्रपती शिवाजी महाराजांचे गडकिल्ले भारतीय पुरातत्व विभागाच्या ताब्यात असल्याने त्यांच्या संवर्धनात अडचणी येत आहेत. हे किल्ले राज्य सरकारच्या ताब्यात द्यावेत, अशी मागणी सांस्कृतिक कार्य मंत्री आशिष शेलार यांनी केंद्रीय मंत्री गजेंद्रसिंह शेखावत यांना पत्राद्वारे केली आहे. मुंबई : छत्रपती शिवाजी महाराजांचे गडकिल्ले भारतीय पुरातत्व विभागाच्या ताब्यात असल्याने त्यांच्या संवर्धनात अडचणी येत आहेत. हे किल्ले राज्य सरकारच्या ताब्यात द्यावेत, अशी मागणी सांस्कृतिक कार्य मंत्री आशिष शेलार यांनी केंद्रीय मंत्री गजेंद्रसिंह शेखावत यांना पत्राद्वारे केली आहे. मुंबई : छत्रपती शिवाजी महाराजांचे गडकिल्ले भारतीय पुरातत्व विभागाच्या ताब्यात असल्याने त्यांच्या संवर्धनात अडचणी येत आहेत. हे किल्ले राज्य सरकारच्या ताब्यात द्यावेत, अशी मागणी सांस्कृतिक कार्य मंत्री आशिष शेलार यांनी केंद्रीय मंत्री गजेंद्रसिंह शेखावत यांना पत्राद्वारे केली आहे. मुंबई : छत्रपती शिवाजी महाराजांचे गडकिल्ले भारतीय पुरातत्व विभागाच्या ताब्यात असल्याने त्यांच्या संवर्धनात अडचणी येत आहेत. हे किल्ले राज्य सरकारच्या ताब्यात द्यावेत, अशी मागणी सांस्कृतिक कार्य मंत्री आशिष शेलार यांनी केंद्रीय मंत्री गजेंद्रसिंह शेखावत यांना पत्राद्वारे केली आहे.
मुंबई : छत्रपती शिवाजी महाराजांचे गडकिल्ले भारतीय पुरातत्व विभागाच्या ताब्यात असल्याने त्यांच्या संवर्धनात अडचणी येत आहेत. हे किल्ले राज्य सरकारच्या ताब्यात द्यावेत, अशी मागणी सांस्कृतिक कार्य मंत्री आशिष शेलार यांनी केंद्रीय मंत्री गजेंद्रसिंह शेखावत यांना पत्राद्वारे केली आहे. मुंबई : छत्रपती शिवाजी महाराजांचे गडकिल्ले भारतीय पुरातत्व विभागाच्या ताब्यात असल्याने त्यांच्या संवर्धनात अडचणी येत आहेत. हे किल्ले राज्य सरकारच्या ताब्यात द्यावेत, अशी मागणी सांस्कृतिक कार्य मंत्री आशिष शेलार यांनी केंद्रीय मंत्री गजेंद्रसिंह शेखावत यांना पत्राद्वारे केली आहे. मुंबई : छत्रपती शिवाजी महाराजांचे गडकिल्ले भारतीय पुरातत्व विभागाच्या ताब्यात असल्याने त्यांच्या संवर्धनात अडचणी येत आहेत. हे किल्ले राज्य सरकारच्या ताब्यात द्यावेत, अशी मागणी सांस्कृतिक कार्य मंत्री आशिष शेलार यांनी केंद्रीय मंत्री गजेंद्रसिंह शेखावत यांना पत्राद्वारे केली आहे. मुंबई : छत्रपती शिवाजी महाराजांचे गडकिल्ले भारतीय पुरातत्व विभागाच्या ताब्यात असल्याने त्यांच्या संवर्धनात अडचणी येत आहेत. हे किल्ले राज्य सरकारच्या ताब्यात द्यावेत, अशी मागणी सांस्कृतिक कार्य मंत्री आशिष शेलार यांनी केंद्रीय मंत्री गजेंद्रसिंह शेखावत यांना पत्राद्वारे केली आहे. मुंबई : छत्रपती शिवाजी महाराजांचे गडकिल्ले भारतीय पुरातत्व विभागाच्या ताब्यात असल्याने त्यांच्या संवर्धनात अडचणी येत आहेत. हे किल्ले राज्य सरकारच्या ताब्यात द्यावेत, अशी मागणी सांस्कृतिक कार्य मंत्री आशिष शेलार यांनी केंद्रीय मंत्री गजेंद्रसिंह शेखावत यांना पत्राद्वारे केली आहे. मुंबई : छत्रपती शिवाजी महाराजांचे गडकिल्ले भारतीय पुरातत्व विभागाच्या ताब्यात असल्याने त्यांच्या संवर्धनात अडचणी येत आहेत. हे किल्ले राज्य सरकारच्या ताब्यात द्यावेत, अशी मागणी सांस्कृतिक कार्य मंत्री आशिष शेलार यांनी केंद्रीय मंत्री गजेंद्रसिंह शेखावत यांना पत्राद्वारे केली आहे.
मुंबई : छत्रपती शिवाजी महाराजांचे गडकिल्ले भारतीय पुरातत्व विभागाच्या ताब्यात असल्याने त्यांच्या संवर्धनात अडचणी येत आहेत. हे किल्ले राज्य सरकारच्या ताब्यात द्यावेत, अशी मागणी सांस्कृतिक कार्य मंत्री आशिष शेलार यांनी केंद्रीय मंत्री गजेंद्रसिंह शेखावत यांना पत्राद्वारे केली आहे. मुंबई : छत्रपती शिवाजी महाराजांचे गडकिल्ले भारतीय पुरातत्व विभागाच्या ताब्यात असल्याने त्यांच्या संवर्धनात अडचणी येत आहेत. हे किल्ले राज्य सरकारच्या ताब्यात द्यावेत, अशी मागणी सांस्कृतिक कार्य मंत्री आशिष शेलार यांनी केंद्रीय मंत्री गजेंद्रसिंह शेखावत यांना पत्राद्वारे केली आहे. मुंबई : छत्रपती शिवाजी महाराजांचे गडकिल्ले भारतीय पुरातत्व विभागाच्या ताब्यात असल्याने त्यांच्या संवर्धनात अडचणी येत आहेत. हे किल्ले राज्य सरकारच्या ताब्यात द्यावेत, अशी मागणी सांस्कृतिक कार्य मंत्री आशिष शेलार यांनी केंद्रीय मंत्री गजेंद्रसिंह शेखावत यांना पत्राद्वारे केली आहे. मुंबई : छत्रपती शिवाजी महाराजांचे गडकिल्ले भारतीय पुरातत्व विभागाच्या ताब्यात असल्याने त्यांच्या संवर्धनात अडचणी येत आहेत. हे किल्ले राज्य सरकारच्या ताब्यात द्यावेत, अशी मागणी सांस्कृतिक कार्य मंत्री आशिष शेलार यांनी केंद्रीय मंत्री गजेंद्रसिंह शेखावत यांना पत्राद्वारे केली आहे. मुंबई : छत्रपती शिवाजी महाराजांचे गडकिल्ले भारतीय पुरातत्व विभागाच्या ताब्यात असल्याने त्यांच्या संवर्धनात अडचणी येत आहेत. हे किल्ले राज्य सरकारच्या ताब्यात द्यावेत, अशी मागणी सांस्कृतिक कार्य मंत्री आशिष शेलार यांनी केंद्रीय मंत्री गजेंद्रसिंह शेखावत यांना पत्राद्वारे केली आहे. मुंबई : छत्रपती शिवाजी महाराजांचे गडकिल्ले भारतीय पुरातत्व विभागाच्या ताब्यात असल्याने त्यांच्या संवर्धनात अडचणी येत आहेत. हे किल्ले राज्य सरकारच्या ताब्यात द्यावेत, अशी मागणी सांस्कृतिक कार्य मंत्री आशिष शेलार यांनी केंद्रीय मंत्री गजेंद्रसिंह शेखावत यांना पत्राद्वारे केली आहे.
मुंबई : छत्रपती शिवाजी महाराजांचे गडकिल्ले भारतीय पुरातत्व विभागाच्या ताब्यात असल्याने त्यांच्या संवर्धनात अडचणी येत आहेत. हे किल्ले राज्य सरकारच्या ताब्यात द्यावेत, अशी मागणी सांस्कृतिक कार्य मंत्री आशिष शेलार यांनी केंद्रीय मंत्री गजेंद्रसिंह शेखावत यांना पत्राद्वारे केली आहे. मुंबई : छत्रपती शिवाजी महाराजांचे गडकिल्ले भारतीय पुरातत्व विभागाच्या ताब्यात असल्याने त्यांच्या संवर्धनात अडचणी येत आहेत. हे किल्ले राज्य सरकारच्या ताब्यात द्यावेत, अशी मागणी सांस्कृतिक कार्य मंत्री आशिष शेलार यांनी केंद्रीय मंत्री गजेंद्रसिंह शेखावत यांना पत्राद्वारे केली आहे. मुंबई : छत्रपती शिवाजी महाराजांचे गडकिल्ले भारतीय पुरातत्व विभागाच्या ताब्यात असल्याने त्यांच्या संवर्धनात अडचणी येत आहेत. हे किल्ले राज्य सरकारच्या ताब्यात द्यावेत, अशी मागणी सांस्कृतिक कार्य मंत्री आशिष शेलार यांनी केंद्रीय मंत्री गजेंद्रसिंह शेखावत यांना पत्राद्वारे केली आहे. मुंबई : छत्रपती शिवाजी महाराजांचे गडकिल्ले भारतीय पुरातत्व विभागाच्या ताब्यात असल्याने त्यांच्या संवर्धनात अडचणी येत आहेत. हे किल्ले राज्य सरकारच्या ताब्यात द्यावेत, अशी मागणी सांस्कृतिक कार्य मंत्री आशिष शेलार यांनी केंद्रीय मंत्री गजेंद्रसिंह शेखावत यांना पत्राद्वारे केली आहे. मुंबई : छत्रपती शिवाजी महाराजांचे गडकिल्ले भारतीय पुरातत्व विभागाच्या ताब्यात असल्याने त्यांच्या संवर्धनात अडचणी येत आहेत. हे किल्ले राज्य सरकारच्या ताब्यात द्यावेत, अशी मागणी सांस्कृतिक कार्य मंत्री आशिष शेलार यांनी केंद्रीय मंत्री गजेंद्रसिंह शेखावत यांना पत्राद्वारे केली आहे. मुंबई : छत्रपती शिवाजी महाराजांचे गडकिल्ले भारतीय पुरातत्व विभागाच्या ताब्यात असल्याने त्यांच्या संवर्धनात अडचणी येत आहेत. हे किल्ले राज्य सरकारच्या ताब्यात द्यावेत, अशी मागणी सांस्कृतिक कार्य मंत्री आशिष शेलार यांनी केंद्रीय मंत्री गजेंद्रसिंह शेखावत यांना पत्राद्वारे केली आहे.
